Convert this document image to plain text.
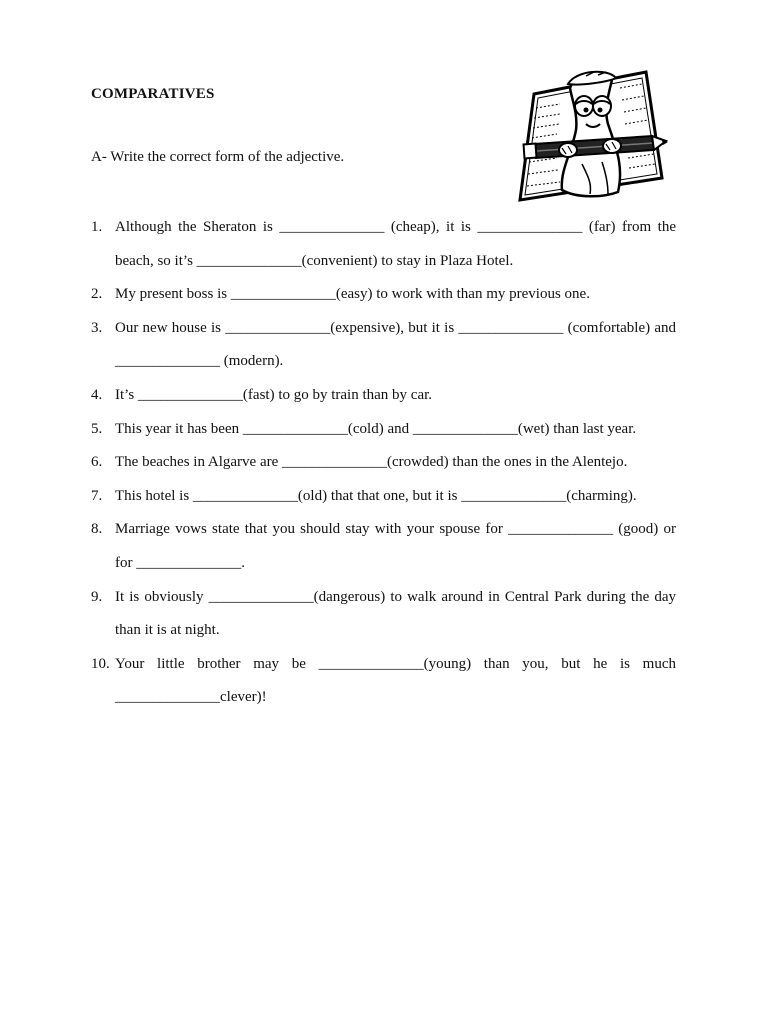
COMPARATIVES
A- Write the correct form of the adjective.
1. Although the Sheraton is ______________ (cheap), it is ______________ (far) from the beach, so it’s ______________(convenient) to stay in Plaza Hotel.
2. My present boss is ______________(easy) to work with than my previous one.
3. Our new house is ______________(expensive), but it is ______________ (comfortable) and ______________ (modern).
4. It’s ______________(fast) to go by train than by car.
5. This year it has been ______________(cold) and ______________(wet) than last year.
6. The beaches in Algarve are ______________(crowded) than the ones in the Alentejo.
7. This hotel is ______________(old) that that one, but it is ______________(charming).
8. Marriage vows state that you should stay with your spouse for ______________ (good) or for ______________.
9. It is obviously ______________(dangerous) to walk around in Central Park during the day than it is at night.
10. Your little brother may be ______________(young) than you, but he is much ______________clever)!
